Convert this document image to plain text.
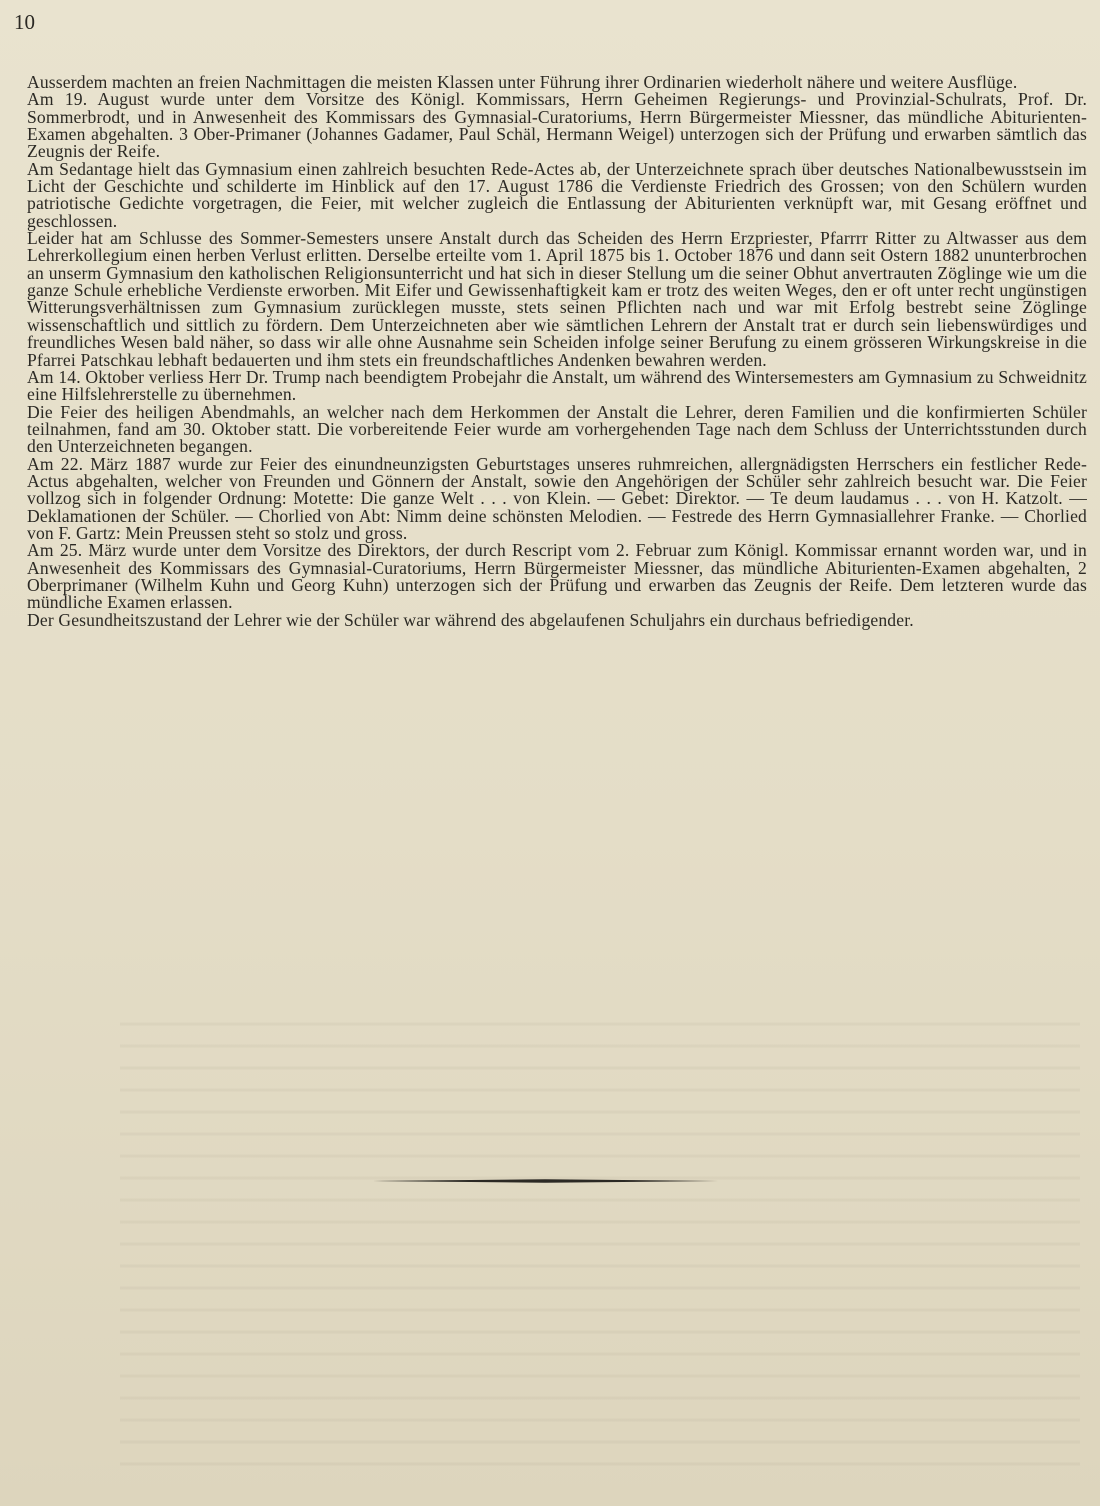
10

Ausserdem machten an freien Nachmittagen die meisten Klassen unter Führung ihrer Ordinarien wiederholt nähere und weitere Ausflüge.

Am 19. August wurde unter dem Vorsitze des Königl. Kommissars, Herrn Geheimen Regierungs- und Provinzial-Schulrats, Prof. Dr. Sommerbrodt, und in Anwesenheit des Kommissars des Gymnasial-Curatoriums, Herrn Bürgermeister Miessner, das mündliche Abiturienten-Examen abgehalten. 3 Ober-Primaner (Johannes Gadamer, Paul Schäl, Hermann Weigel) unterzogen sich der Prüfung und erwarben sämtlich das Zeugnis der Reife.

Am Sedantage hielt das Gymnasium einen zahlreich besuchten Rede-Actes ab, der Unterzeichnete sprach über deutsches Nationalbewusstsein im Licht der Geschichte und schilderte im Hinblick auf den 17. August 1786 die Verdienste Friedrich des Grossen; von den Schülern wurden patriotische Gedichte vorgetragen, die Feier, mit welcher zugleich die Entlassung der Abiturienten verknüpft war, mit Gesang eröffnet und geschlossen.

Leider hat am Schlusse des Sommer-Semesters unsere Anstalt durch das Scheiden des Herrn Erzpriester, Pfarrrr Ritter zu Altwasser aus dem Lehrerkollegium einen herben Verlust erlitten. Derselbe erteilte vom 1. April 1875 bis 1. October 1876 und dann seit Ostern 1882 ununterbrochen an unserm Gymnasium den katholischen Religionsunterricht und hat sich in dieser Stellung um die seiner Obhut anvertrauten Zöglinge wie um die ganze Schule erhebliche Verdienste erworben. Mit Eifer und Gewissenhaftigkeit kam er trotz des weiten Weges, den er oft unter recht ungünstigen Witterungsverhältnissen zum Gymnasium zurücklegen musste, stets seinen Pflichten nach und war mit Erfolg bestrebt seine Zöglinge wissenschaftlich und sittlich zu fördern. Dem Unterzeichneten aber wie sämtlichen Lehrern der Anstalt trat er durch sein liebenswürdiges und freundliches Wesen bald näher, so dass wir alle ohne Ausnahme sein Scheiden infolge seiner Berufung zu einem grösseren Wirkungskreise in die Pfarrei Patschkau lebhaft bedauerten und ihm stets ein freundschaftliches Andenken bewahren werden.

Am 14. Oktober verliess Herr Dr. Trump nach beendigtem Probejahr die Anstalt, um während des Wintersemesters am Gymnasium zu Schweidnitz eine Hilfslehrerstelle zu übernehmen.

Die Feier des heiligen Abendmahls, an welcher nach dem Herkommen der Anstalt die Lehrer, deren Familien und die konfirmierten Schüler teilnahmen, fand am 30. Oktober statt. Die vorbereitende Feier wurde am vorhergehenden Tage nach dem Schluss der Unterrichtsstunden durch den Unterzeichneten begangen.

Am 22. März 1887 wurde zur Feier des einundneunzigsten Geburtstages unseres ruhmreichen, allergnädigsten Herrschers ein festlicher Rede-Actus abgehalten, welcher von Freunden und Gönnern der Anstalt, sowie den Angehörigen der Schüler sehr zahlreich besucht war. Die Feier vollzog sich in folgender Ordnung: Motette: Die ganze Welt . . . von Klein. — Gebet: Direktor. — Te deum laudamus . . . von H. Katzolt. — Deklamationen der Schüler. — Chorlied von Abt: Nimm deine schönsten Melodien. — Festrede des Herrn Gymnasiallehrer Franke. — Chorlied von F. Gartz: Mein Preussen steht so stolz und gross.

Am 25. März wurde unter dem Vorsitze des Direktors, der durch Rescript vom 2. Februar zum Königl. Kommissar ernannt worden war, und in Anwesenheit des Kommissars des Gymnasial-Curatoriums, Herrn Bürgermeister Miessner, das mündliche Abiturienten-Examen abgehalten, 2 Oberprimaner (Wilhelm Kuhn und Georg Kuhn) unterzogen sich der Prüfung und erwarben das Zeugnis der Reife. Dem letzteren wurde das mündliche Examen erlassen.

Der Gesundheitszustand der Lehrer wie der Schüler war während des abgelaufenen Schuljahrs ein durchaus befriedigender.
